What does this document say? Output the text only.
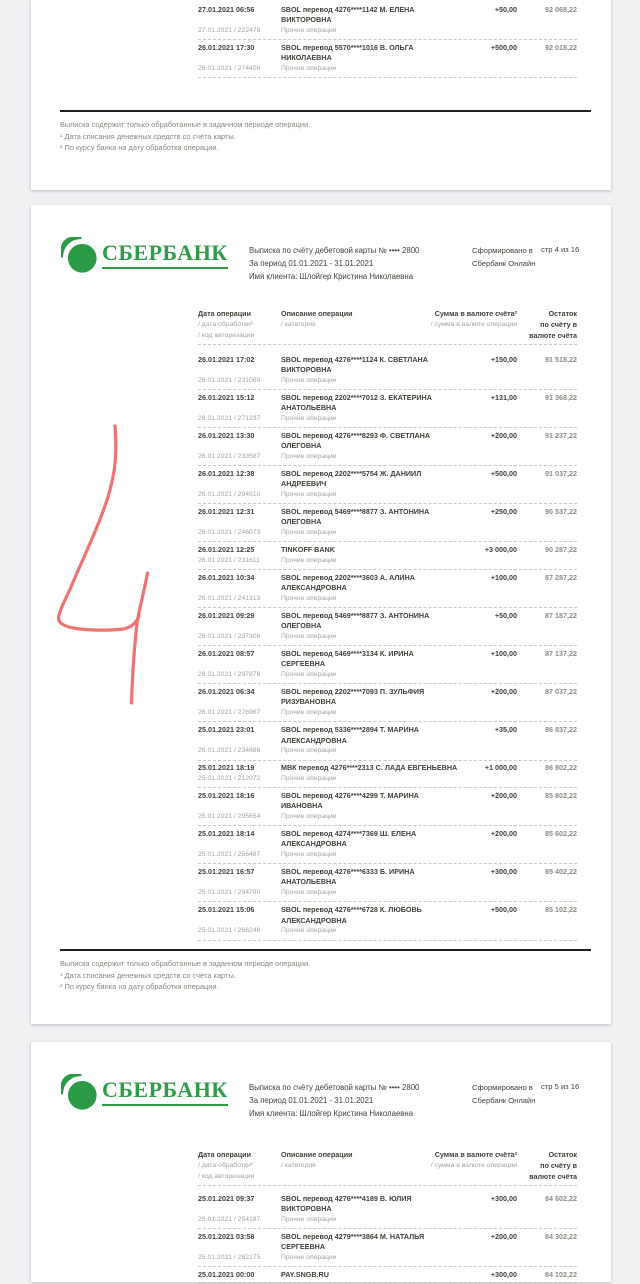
27.01.2021 06:56
27.01.2021 / 222478
SBOL перевод 4276****1142 М. ЕЛЕНА
ВИКТОРОВНА
Прочие операции
+50,00	92 068,22
26.01.2021 17:30
26.01.2021 / 274408
SBOL перевод 5570****1016 В. ОЛЬГА
НИКОЛАЕВНА
Прочие операции
+500,00	92 018,22
Выписка содержит только обработанные в заданном периоде операции.
¹ Дата списания денежных средств со счёта карты.
² По курсу банка на дату обработки операции.
СБЕРБАНК	Выписка по счёту дебетовой карты № •••• 2800
За период 01.01.2021 - 31.01.2021
Имя клиента: Шлойгер Кристина Николаевна
Сформировано в
Сбербанк Онлайн
стр 4 из 16
Дата операции
/ дата обработки¹
/ код авторизации
Описание операции
/ категория
Сумма в валюте счёта²
/ сумма в валюте операции
Остаток
по счёту в
валюте счёта
26.01.2021 17:02
26.01.2021 / 231069
SBOL перевод 4276****1124 К. СВЕТЛАНА
ВИКТОРОВНА
Прочие операции
+150,00	91 518,22
26.01.2021 15:12
26.01.2021 / 271237
SBOL перевод 2202****7012 З. ЕКАТЕРИНА
АНАТОЛЬЕВНА
Прочие операции
+131,00	91 368,22
26.01.2021 13:30
26.01.2021 / 233587
SBOL перевод 4276****8293 Ф. СВЕТЛАНА
ОЛЕГОВНА
Прочие операции
+200,00	91 237,22
26.01.2021 12:38
26.01.2021 / 294510
SBOL перевод 2202****5754 Ж. ДАНИИЛ
АНДРЕЕВИЧ
Прочие операции
+500,00	91 037,22
26.01.2021 12:31
26.01.2021 / 246073
SBOL перевод 5469****8877 З. АНТОНИНА
ОЛЕГОВНА
Прочие операции
+250,00	90 537,22
26.01.2021 12:25
26.01.2021 / 231611
TINKOFF BANK
Прочие операции
+3 000,00	90 287,22
26.01.2021 10:34
26.01.2021 / 241313
SBOL перевод 2202****3603 А. АЛИНА
АЛЕКСАНДРОВНА
Прочие операции
+100,00	87 287,22
26.01.2021 09:29
26.01.2021 / 237306
SBOL перевод 5469****8877 З. АНТОНИНА
ОЛЕГОВНА
Прочие операции
+50,00	87 187,22
26.01.2021 08:57
26.01.2021 / 297876
SBOL перевод 5469****3134 К. ИРИНА
СЕРГЕЕВНА
Прочие операции
+100,00	87 137,22
26.01.2021 06:34
26.01.2021 / 276967
SBOL перевод 2202****7093 П. ЗУЛЬФИЯ
РИЗУВАНОВНА
Прочие операции
+200,00	87 037,22
25.01.2021 23:01
26.01.2021 / 234686
SBOL перевод 5336****2894 Т. МАРИНА
АЛЕКСАНДРОВНА
Прочие операции
+35,00	86 837,22
25.01.2021 18:19
25.01.2021 / 212072
МВК перевод 4276****2313 С. ЛАДА ЕВГЕНЬЕВНА
Прочие операции
+1 000,00	86 802,22
25.01.2021 18:16
25.01.2021 / 295654
SBOL перевод 4276****4299 Т. МАРИНА
ИВАНОВНА
Прочие операции
+200,00	85 802,22
25.01.2021 18:14
25.01.2021 / 256487
SBOL перевод 4274****7369 Ш. ЕЛЕНА
АЛЕКСАНДРОВНА
Прочие операции
+200,00	85 602,22
25.01.2021 16:57
25.01.2021 / 294780
SBOL перевод 4276****6333 Б. ИРИНА
АНАТОЛЬЕВНА
Прочие операции
+300,00	85 402,22
25.01.2021 15:06
25.01.2021 / 266246
SBOL перевод 4276****6728 К. ЛЮБОВЬ
АЛЕКСАНДРОВНА
Прочие операции
+500,00	85 102,22
Выписка содержит только обработанные в заданном периоде операции.
¹ Дата списания денежных средств со счёта карты.
² По курсу банка на дату обработки операции.
СБЕРБАНК	Выписка по счёту дебетовой карты № •••• 2800
За период 01.01.2021 - 31.01.2021
Имя клиента: Шлойгер Кристина Николаевна
Сформировано в
Сбербанк Онлайн
стр 5 из 16
Дата операции
/ дата обработки¹
/ код авторизации
Описание операции
/ категория
Сумма в валюте счёта²
/ сумма в валюте операции
Остаток
по счёту в
валюте счёта
25.01.2021 09:37
25.01.2021 / 254187
SBOL перевод 4276****4189 В. ЮЛИЯ
ВИКТОРОВНА
Прочие операции
+300,00	84 602,22
25.01.2021 03:58
25.01.2021 / 262275
SBOL перевод 4279****3864 М. НАТАЛЬЯ
СЕРГЕЕВНА
Прочие операции
+200,00	84 302,22
25.01.2021 00:00	PAY.SNGB.RU	+300,00	84 102,22
